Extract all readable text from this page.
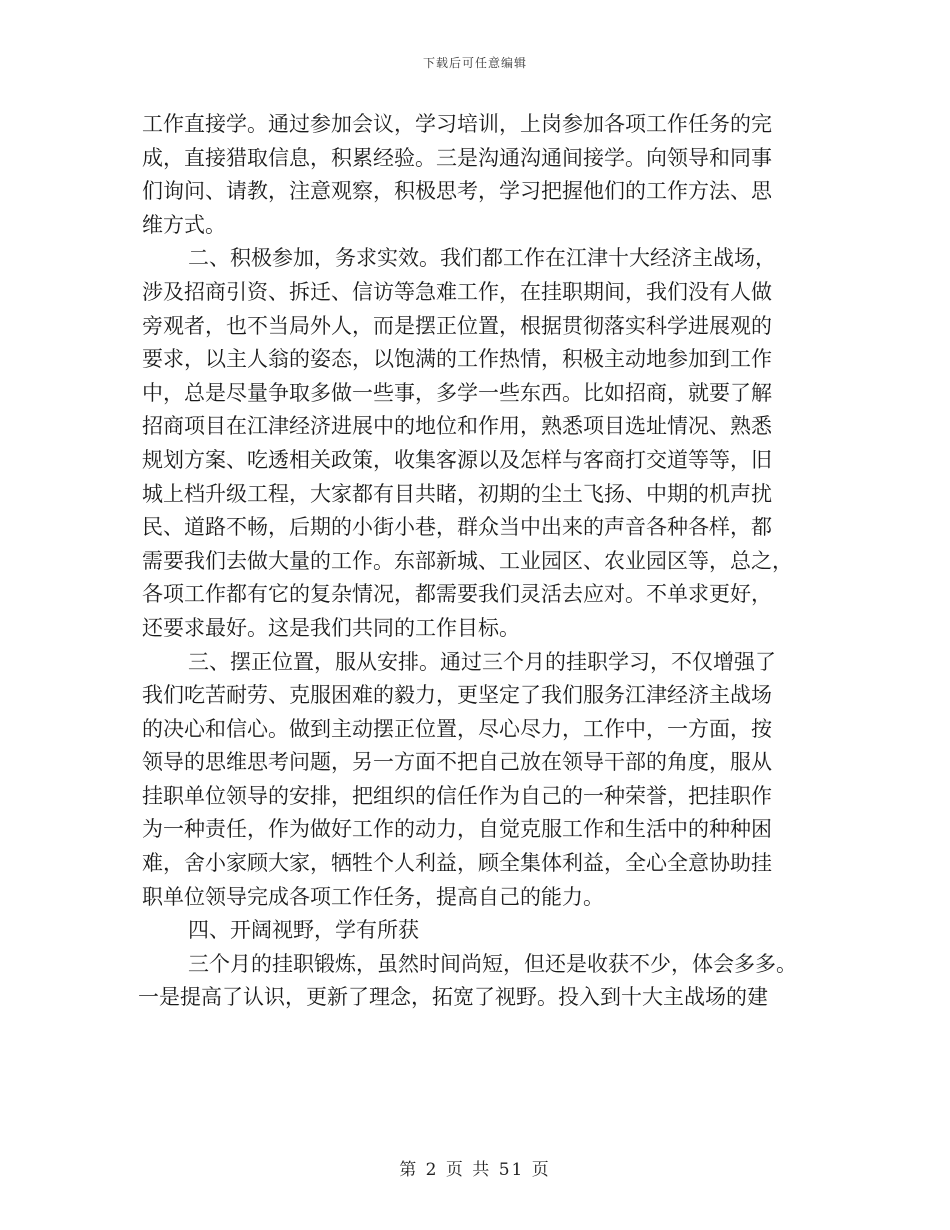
下载后可任意编辑
工作直接学。通过参加会议，学习培训，上岗参加各项工作任务的完
成，直接猎取信息，积累经验。三是沟通沟通间接学。向领导和同事
们询问、请教，注意观察，积极思考，学习把握他们的工作方法、思
维方式。
二、积极参加，务求实效。我们都工作在江津十大经济主战场，
涉及招商引资、拆迁、信访等急难工作，在挂职期间，我们没有人做
旁观者，也不当局外人，而是摆正位置，根据贯彻落实科学进展观的
要求，以主人翁的姿态，以饱满的工作热情，积极主动地参加到工作
中，总是尽量争取多做一些事，多学一些东西。比如招商，就要了解
招商项目在江津经济进展中的地位和作用，熟悉项目选址情况、熟悉
规划方案、吃透相关政策，收集客源以及怎样与客商打交道等等，旧
城上档升级工程，大家都有目共睹，初期的尘土飞扬、中期的机声扰
民、道路不畅，后期的小街小巷，群众当中出来的声音各种各样，都
需要我们去做大量的工作。东部新城、工业园区、农业园区等，总之，
各项工作都有它的复杂情况，都需要我们灵活去应对。不单求更好，
还要求最好。这是我们共同的工作目标。
三、摆正位置，服从安排。通过三个月的挂职学习，不仅增强了
我们吃苦耐劳、克服困难的毅力，更坚定了我们服务江津经济主战场
的决心和信心。做到主动摆正位置，尽心尽力，工作中，一方面，按
领导的思维思考问题，另一方面不把自己放在领导干部的角度，服从
挂职单位领导的安排，把组织的信任作为自己的一种荣誉，把挂职作
为一种责任，作为做好工作的动力，自觉克服工作和生活中的种种困
难，舍小家顾大家，牺牲个人利益，顾全集体利益，全心全意协助挂
职单位领导完成各项工作任务，提高自己的能力。
四、开阔视野，学有所获
三个月的挂职锻炼，虽然时间尚短，但还是收获不少，体会多多。
一是提高了认识，更新了理念，拓宽了视野。投入到十大主战场的建
第 2 页 共 51 页
